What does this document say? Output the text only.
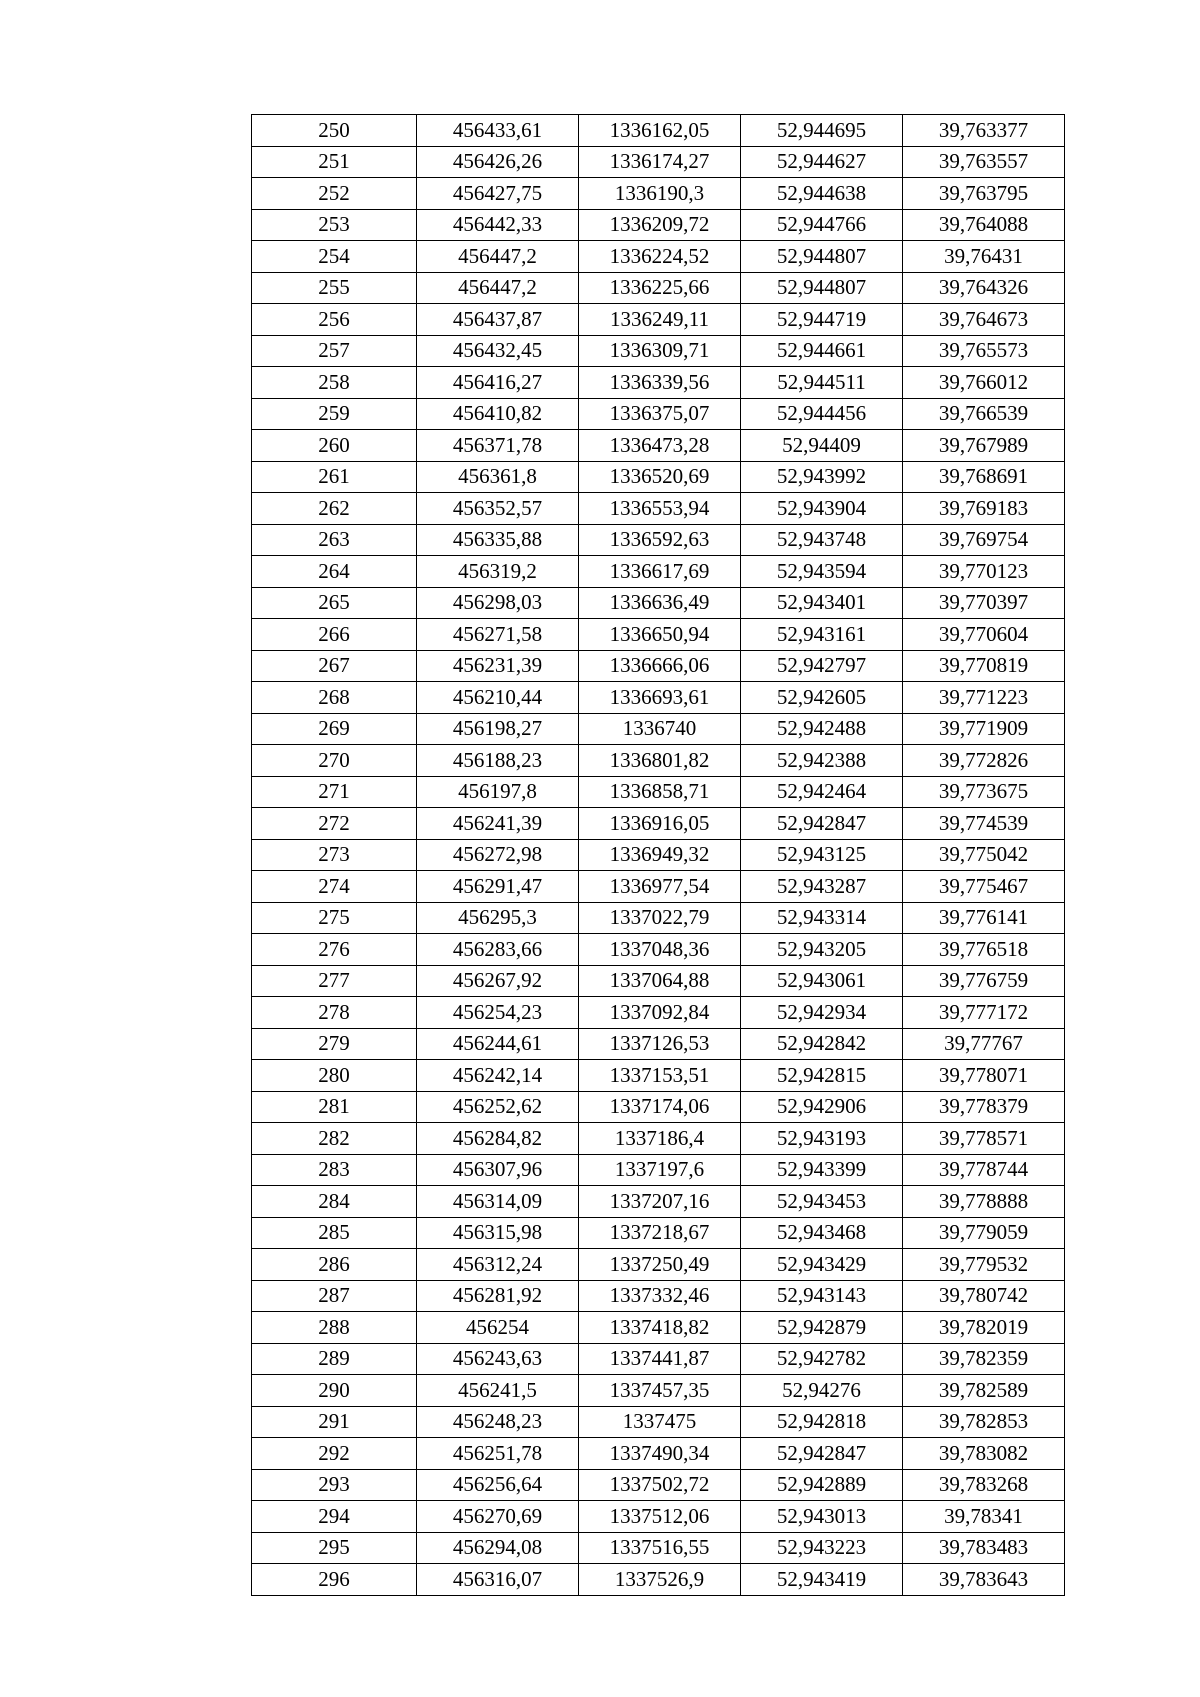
250	456433,61	1336162,05	52,944695	39,763377
251	456426,26	1336174,27	52,944627	39,763557
252	456427,75	1336190,3	52,944638	39,763795
253	456442,33	1336209,72	52,944766	39,764088
254	456447,2	1336224,52	52,944807	39,76431
255	456447,2	1336225,66	52,944807	39,764326
256	456437,87	1336249,11	52,944719	39,764673
257	456432,45	1336309,71	52,944661	39,765573
258	456416,27	1336339,56	52,944511	39,766012
259	456410,82	1336375,07	52,944456	39,766539
260	456371,78	1336473,28	52,94409	39,767989
261	456361,8	1336520,69	52,943992	39,768691
262	456352,57	1336553,94	52,943904	39,769183
263	456335,88	1336592,63	52,943748	39,769754
264	456319,2	1336617,69	52,943594	39,770123
265	456298,03	1336636,49	52,943401	39,770397
266	456271,58	1336650,94	52,943161	39,770604
267	456231,39	1336666,06	52,942797	39,770819
268	456210,44	1336693,61	52,942605	39,771223
269	456198,27	1336740	52,942488	39,771909
270	456188,23	1336801,82	52,942388	39,772826
271	456197,8	1336858,71	52,942464	39,773675
272	456241,39	1336916,05	52,942847	39,774539
273	456272,98	1336949,32	52,943125	39,775042
274	456291,47	1336977,54	52,943287	39,775467
275	456295,3	1337022,79	52,943314	39,776141
276	456283,66	1337048,36	52,943205	39,776518
277	456267,92	1337064,88	52,943061	39,776759
278	456254,23	1337092,84	52,942934	39,777172
279	456244,61	1337126,53	52,942842	39,77767
280	456242,14	1337153,51	52,942815	39,778071
281	456252,62	1337174,06	52,942906	39,778379
282	456284,82	1337186,4	52,943193	39,778571
283	456307,96	1337197,6	52,943399	39,778744
284	456314,09	1337207,16	52,943453	39,778888
285	456315,98	1337218,67	52,943468	39,779059
286	456312,24	1337250,49	52,943429	39,779532
287	456281,92	1337332,46	52,943143	39,780742
288	456254	1337418,82	52,942879	39,782019
289	456243,63	1337441,87	52,942782	39,782359
290	456241,5	1337457,35	52,94276	39,782589
291	456248,23	1337475	52,942818	39,782853
292	456251,78	1337490,34	52,942847	39,783082
293	456256,64	1337502,72	52,942889	39,783268
294	456270,69	1337512,06	52,943013	39,78341
295	456294,08	1337516,55	52,943223	39,783483
296	456316,07	1337526,9	52,943419	39,783643
